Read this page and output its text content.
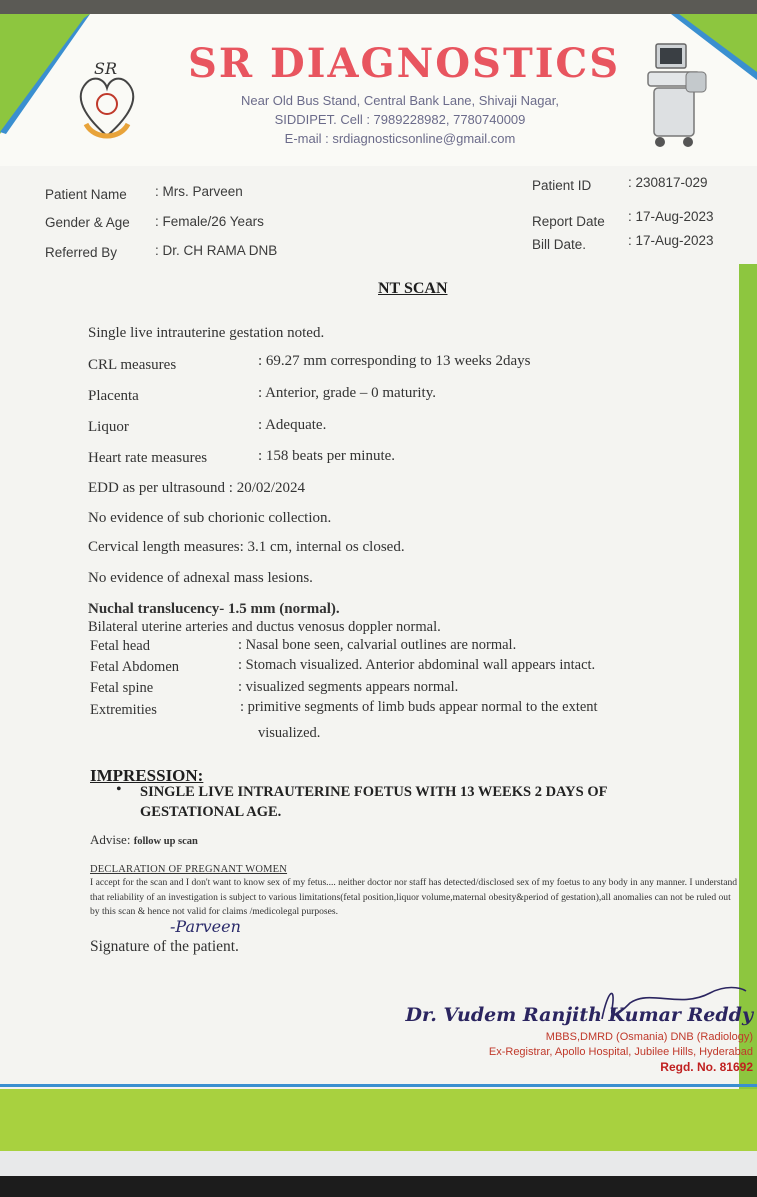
SR SR DIAGNOSTICS
Near Old Bus Stand, Central Bank Lane, Shivaji Nagar,
SIDDIPET. Cell : 7989228982, 7780740009
E-mail : srdiagnosticsonline@gmail.com
Patient Name : Mrs. Parveen
Gender & Age : Female/26 Years
Referred By	: Dr. CH RAMA DNB
Patient ID	: 230817-029
Report Date : 17-Aug-2023
Bill Date.	: 17-Aug-2023
NT SCAN
Single live intrauterine gestation noted.
CRL measures	: 69.27 mm corresponding to 13 weeks 2days
Placenta	: Anterior, grade – 0 maturity.
Liquor	: Adequate.
Heart rate measures	: 158 beats per minute.
EDD as per ultrasound : 20/02/2024
No evidence of sub chorionic collection.
Cervical length measures: 3.1 cm, internal os closed.
No evidence of adnexal mass lesions.
Nuchal translucency- 1.5 mm (normal).
Bilateral uterine arteries and ductus venosus doppler normal.
Fetal head	: Nasal bone seen, calvarial outlines are normal.
Fetal Abdomen	: Stomach visualized. Anterior abdominal wall appears intact.
Fetal spine	: visualized segments appears normal.
Extremities	: primitive segments of limb buds appear normal to the extent
visualized.
IMPRESSION:
• SINGLE LIVE INTRAUTERINE FOETUS WITH 13 WEEKS 2 DAYS OF GESTATIONAL AGE.
Advise: follow up scan
DECLARATION OF PREGNANT WOMEN
I accept for the scan and I don't want to know sex of my fetus.... neither doctor nor staff has detected/disclosed sex of my foetus to any body in any manner. I understand that reliability of an investigation is subject to various limitations(fetal position,liquor volume,maternal obesity&period of gestation),all anomalies can not be ruled out by this scan & hence not valid for claims /medicolegal purposes.
-Parveen
Signature of the patient.
Dr. Vudem Ranjith Kumar Reddy
MBBS,DMRD (Osmania) DNB (Radiology)
Ex-Registrar, Apollo Hospital, Jubilee Hills, Hyderabad
Regd. No. 81692
